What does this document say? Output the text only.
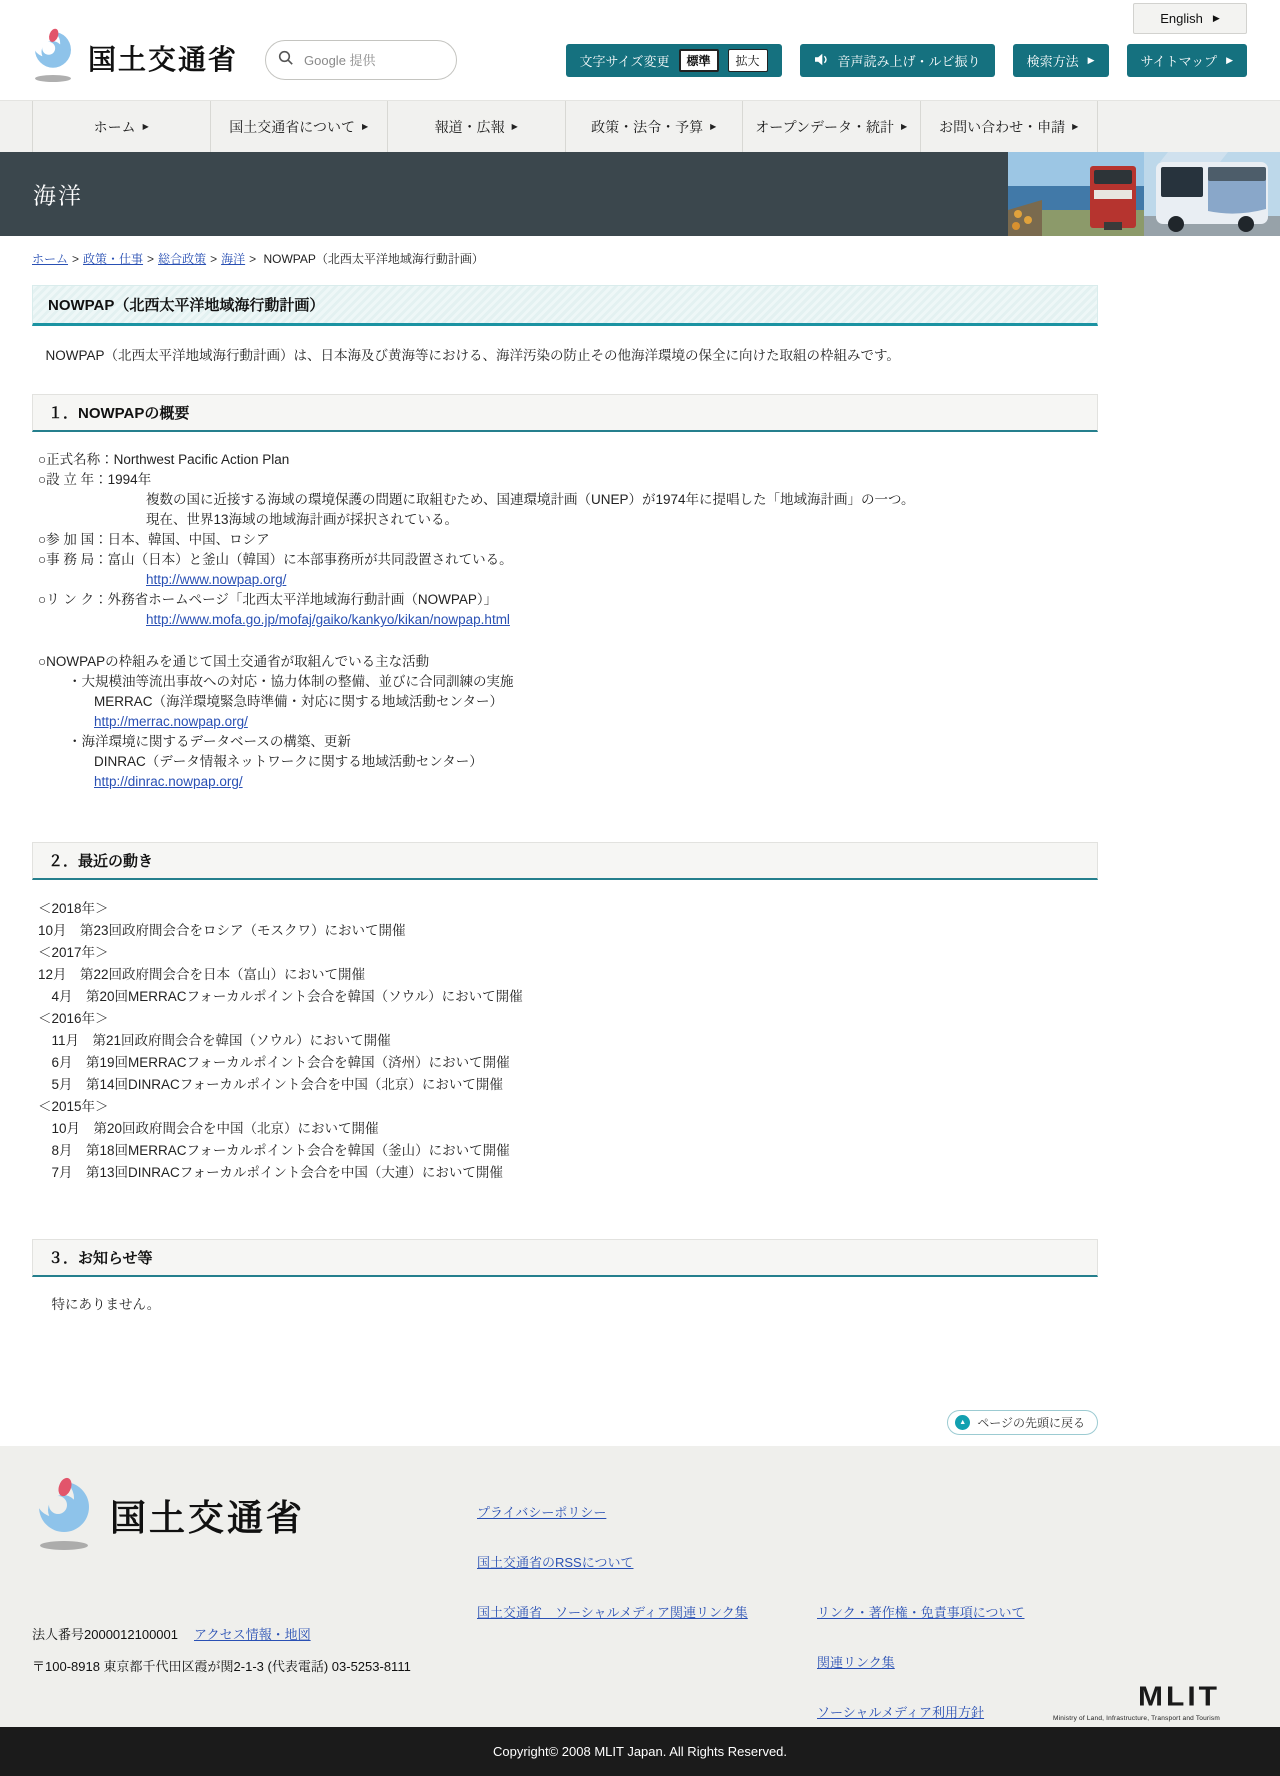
国土交通省
Google 提供
English ▶
文字サイズ変更	標準	拡大	音声読み上げ・ルビ振り	検索方法 ▶	サイトマップ ▶
ホーム ▶	国土交通省について ▶	報道・広報 ▶	政策・法令・予算 ▶	オープンデータ・統計 ▶ お問い合わせ・申請 ▶
海洋
ホーム > 政策・仕事 > 総合政策 > 海洋 > NOWPAP（北西太平洋地域海行動計画）
NOWPAP（北西太平洋地域海行動計画）

　NOWPAP（北西太平洋地域海行動計画）は、日本海及び黄海等における、海洋汚染の防止その他海洋環境の保全に向けた取組の枠組みです。

１．NOWPAPの概要
○正式名称：Northwest Pacific Action Plan
○設 立 年：1994年
複数の国に近接する海域の環境保護の問題に取組むため、国連環境計画（UNEP）が1974年に提唱した「地域海計画」の一つ。
現在、世界13海域の地域海計画が採択されている。
○参 加 国：日本、韓国、中国、ロシア
○事 務 局：富山（日本）と釜山（韓国）に本部事務所が共同設置されている。
http://www.nowpap.org/
○リ ン ク：外務省ホームページ「北西太平洋地域海行動計画（NOWPAP）」
http://www.mofa.go.jp/mofaj/gaiko/kankyo/kikan/nowpap.html
○NOWPAPの枠組みを通じて国土交通省が取組んでいる主な活動
・大規模油等流出事故への対応・協力体制の整備、並びに合同訓練の実施
MERRAC（海洋環境緊急時準備・対応に関する地域活動センター）
http://merrac.nowpap.org/
・海洋環境に関するデータベースの構築、更新
DINRAC（データ情報ネットワークに関する地域活動センター）
http://dinrac.nowpap.org/
２．最近の動き
＜2018年＞
10月　第23回政府間会合をロシア（モスクワ）において開催
＜2017年＞
12月　第22回政府間会合を日本（富山）において開催
　4月　第20回MERRACフォーカルポイント会合を韓国（ソウル）において開催
＜2016年＞
　11月　第21回政府間会合を韓国（ソウル）において開催
　6月　第19回MERRACフォーカルポイント会合を韓国（済州）において開催
　5月　第14回DINRACフォーカルポイント会合を中国（北京）において開催
＜2015年＞
　10月　第20回政府間会合を中国（北京）において開催
　8月　第18回MERRACフォーカルポイント会合を韓国（釜山）において開催
　7月　第13回DINRACフォーカルポイント会合を中国（大連）において開催
３．お知らせ等
　特にありません。
▲ ページの先頭に戻る
国土交通省	プライバシーポリシー
国土交通省のRSSについて
国土交通省　ソーシャルメディア関連リンク集	リンク・著作権・免責事項について
関連リンク集
ソーシャルメディア利用方針
法人番号2000012100001 アクセス情報・地図
〒100-8918 東京都千代田区霞が関2-1-3 (代表電話) 03-5253-8111
MLIT
Ministry of Land, Infrastructure, Transport and Tourism
Copyright© 2008 MLIT Japan. All Rights Reserved.
